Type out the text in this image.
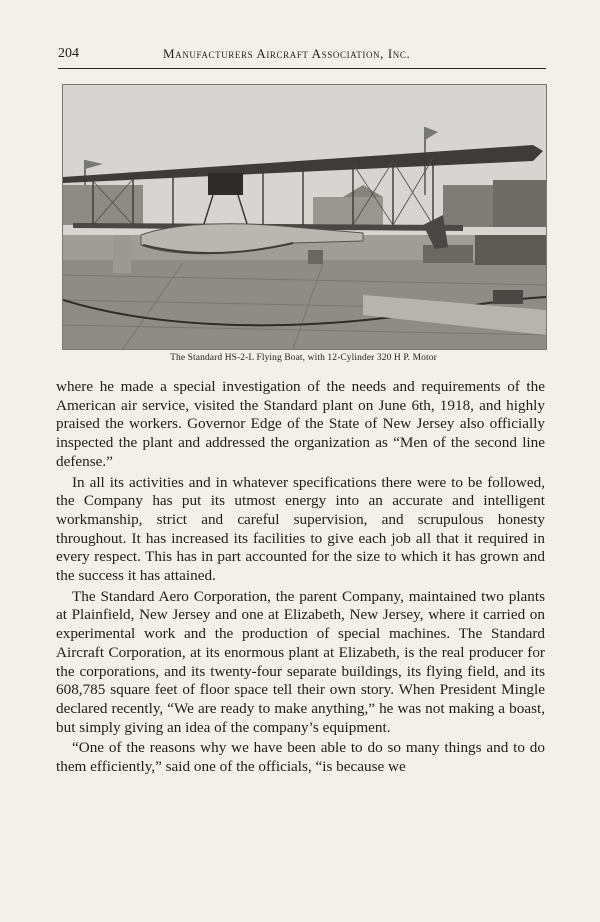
204	Manufacturers Aircraft Association, Inc.
The Standard HS-2-L Flying Boat, with 12-Cylinder 320 H P. Motor

where he made a special investigation of the needs and requirements of the American air service, visited the Standard plant on June 6th, 1918, and highly praised the workers. Governor Edge of the State of New Jersey also officially inspected the plant and addressed the organization as “Men of the second line defense.”

In all its activities and in whatever specifications there were to be followed, the Company has put its utmost energy into an accurate and intelligent workmanship, strict and careful supervision, and scrupulous honesty throughout. It has increased its facilities to give each job all that it required in every respect. This has in part accounted for the size to which it has grown and the success it has attained.

The Standard Aero Corporation, the parent Company, maintained two plants at Plainfield, New Jersey and one at Elizabeth, New Jersey, where it carried on experimental work and the production of special machines. The Standard Aircraft Corporation, at its enormous plant at Elizabeth, is the real producer for the corporations, and its twenty-four separate buildings, its flying field, and its 608,785 square feet of floor space tell their own story. When President Mingle declared recently, “We are ready to make anything,” he was not making a boast, but simply giving an idea of the company’s equipment.

“One of the reasons why we have been able to do so many things and to do them efficiently,” said one of the officials, “is because we
